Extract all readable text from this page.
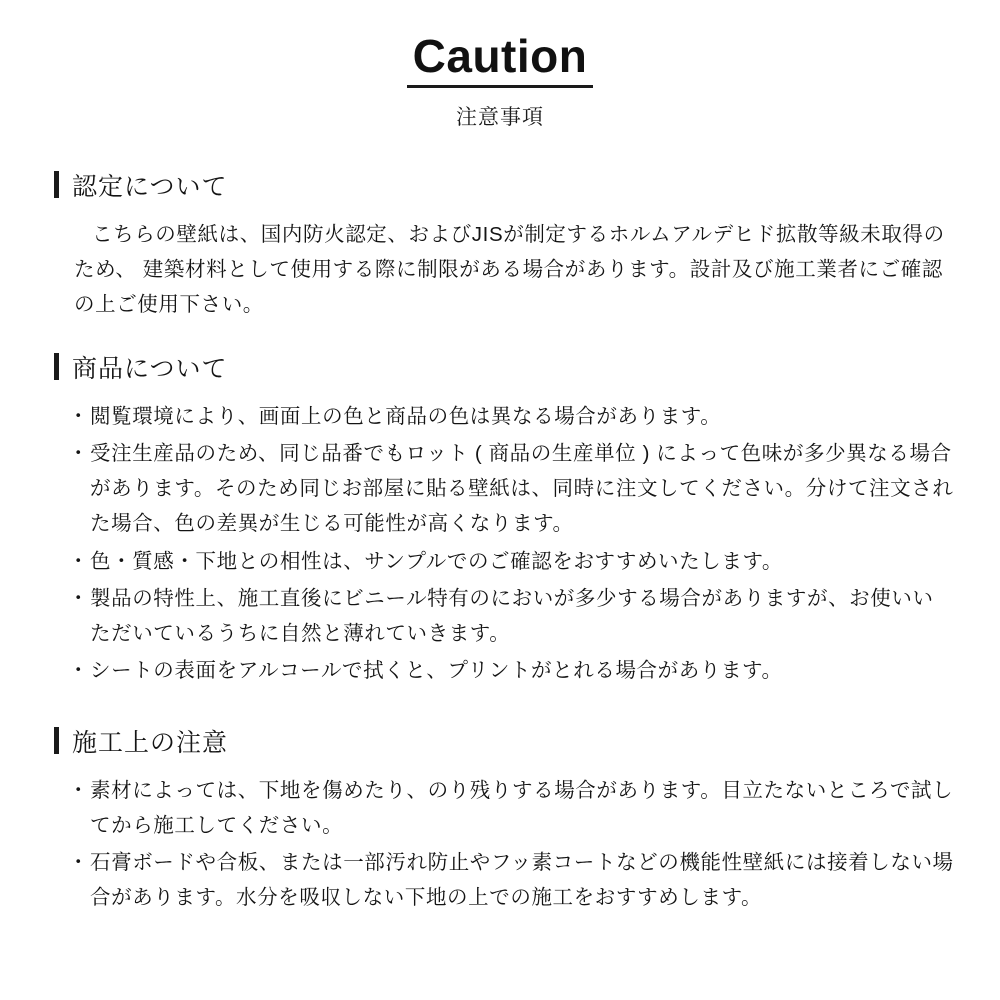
Caution
注意事項
認定について

こちらの壁紙は、国内防火認定、およびJISが制定するホルムアルデヒド拡散等級未取得のため、 建築材料として使用する際に制限がある場合があります。設計及び施工業者にご確認の上ご使用下さい。

商品について
・ 閲覧環境により、画面上の色と商品の色は異なる場合があります。
・ 受注生産品のため、同じ品番でもロット ( 商品の生産単位 ) によって色味が多少異なる場合があります。そのため同じお部屋に貼る壁紙は、同時に注文してください。分けて注文された場合、色の差異が生じる可能性が高くなります。
・ 色・質感・下地との相性は、サンプルでのご確認をおすすめいたします。
・ 製品の特性上、施工直後にビニール特有のにおいが多少する場合がありますが、お使いいただいているうちに自然と薄れていきます。
・ シートの表面をアルコールで拭くと、プリントがとれる場合があります。
施工上の注意
・ 素材によっては、下地を傷めたり、のり残りする場合があります。目立たないところで試してから施工してください。
・ 石膏ボードや合板、または一部汚れ防止やフッ素コートなどの機能性壁紙には接着しない場合があります。水分を吸収しない下地の上での施工をおすすめします。
